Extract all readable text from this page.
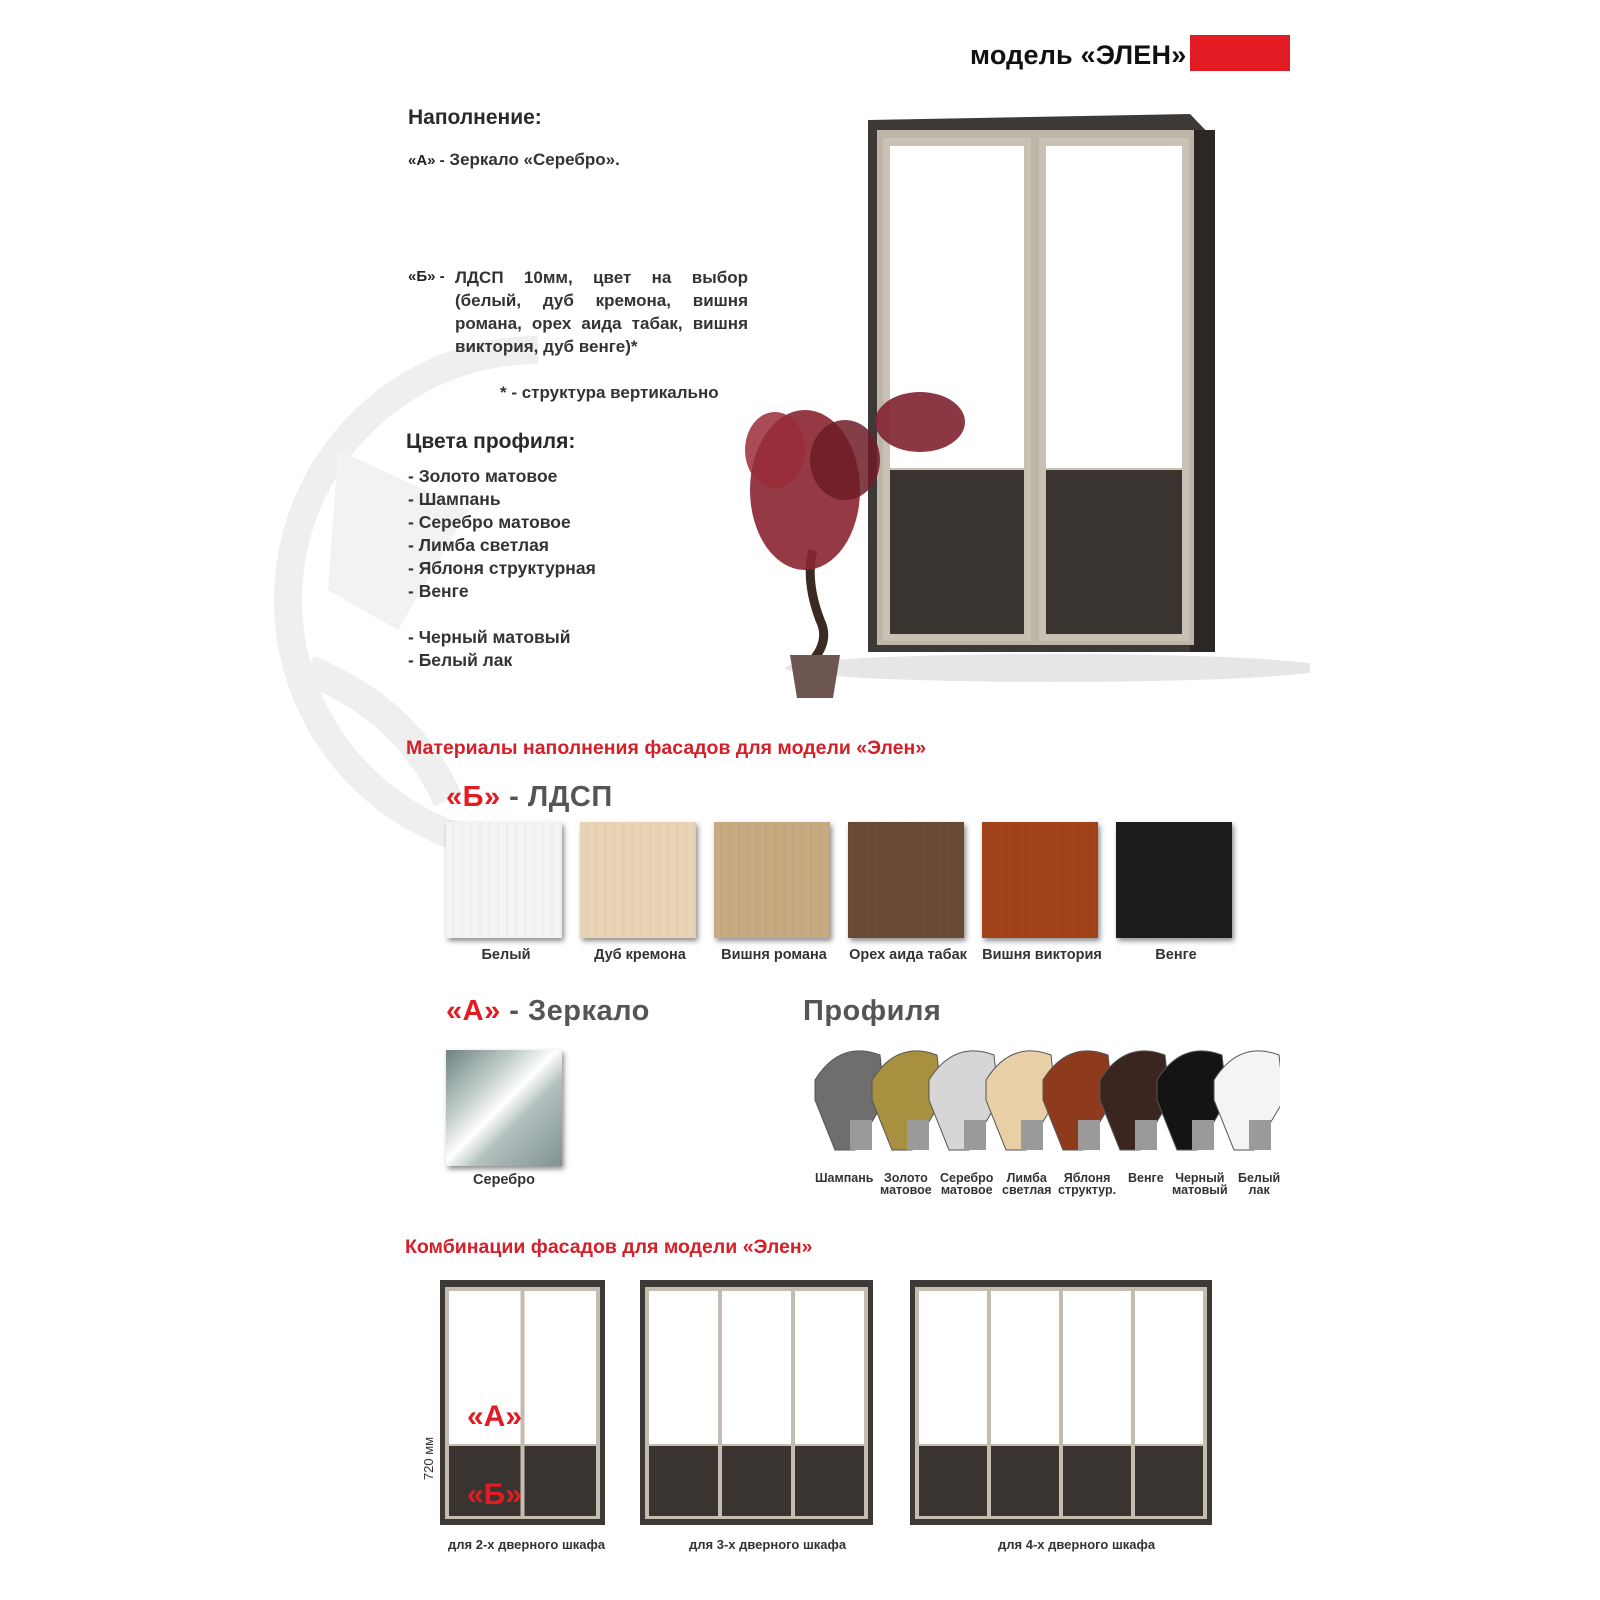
модель «ЭЛЕН»
Наполнение:
«А» - Зеркало «Серебро».
«Б» - ЛДСП 10мм, цвет на выбор (белый, дуб кремона, вишня романа, орех аида табак, вишня виктория, дуб венге)*
* - структура вертикально
Цвета профиля:
- Золото матовое
- Шампань
- Серебро матовое
- Лимба светлая
- Яблоня структурная
- Венге
- Черный матовый
- Белый лак
Материалы наполнения фасадов для модели «Элен»
«Б» - ЛДСП
Белый	Дуб кремона	Вишня романа	Орех аида табак	Вишня виктория	Венге
«А» - Зеркало
Серебро
Профиля
Шампань Золото
матовое
Серебро
матовое
Лимба
светлая
Яблоня
структур.
Венге Черный
матовый
Белый
лак
Комбинации фасадов для модели «Элен»
«А»
«Б»
720 мм
для 2-х дверного шкафа	для 3-х дверного шкафа	для 4-х дверного шкафа
